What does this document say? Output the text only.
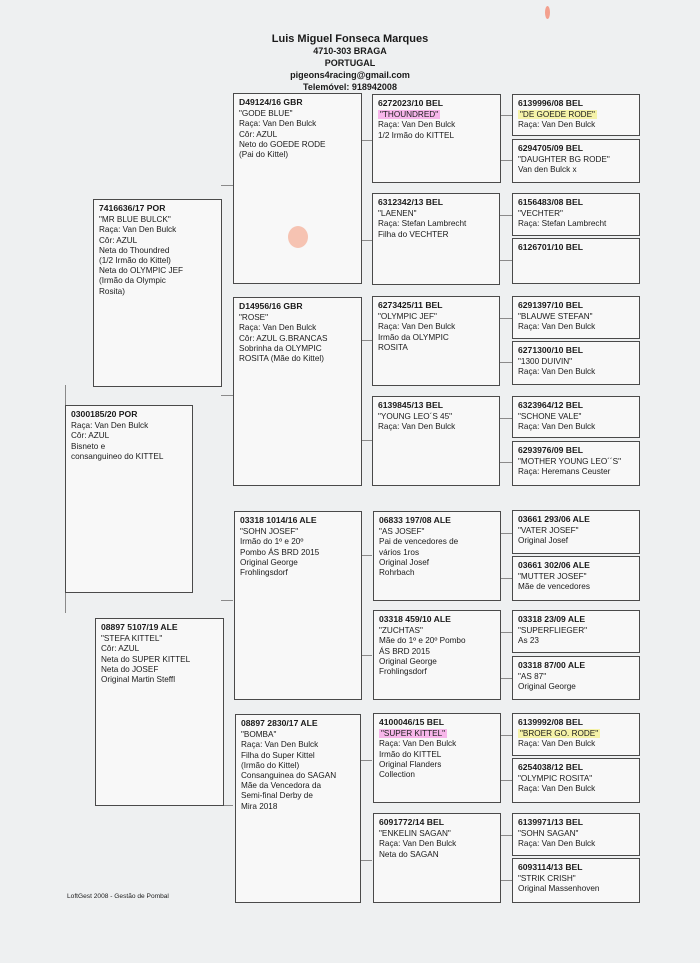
Luis Miguel Fonseca Marques
4710-303 BRAGA
PORTUGAL
pigeons4racing@gmail.com
Telemóvel: 918942008
0300185/20 POR
Raça: Van Den Bulck
Côr: AZUL
Bisneto e
consanguineo do KITTEL
7416636/17 POR
"MR BLUE BULCK"
Raça: Van Den Bulck
Côr: AZUL
Neta do Thoundred
(1/2 Irmão do Kittel)
Neta do OLYMPIC JEF
(Irmão da Olympic
Rosita)
08897 5107/19 ALE
"STEFA KITTEL"
Côr: AZUL
Neta do SUPER KITTEL
Neta do JOSEF
Original Martin Steffl
D49124/16 GBR
"GODE BLUE"
Raça: Van Den Bulck
Côr: AZUL
Neto do GOEDE RODE
(Pai do Kittel)
D14956/16 GBR
"ROSE"
Raça: Van Den Bulck
Côr: AZUL G.BRANCAS
Sobrinha da OLYMPIC
ROSITA (Mãe do Kittel)
03318 1014/16 ALE
"SOHN JOSEF"
Irmão do 1º e 20º
Pombo ÁS BRD 2015
Original George
Frohlingsdorf
08897 2830/17 ALE
"BOMBA"
Raça: Van Den Bulck
Filha do Super Kittel
(Irmão do Kittel)
Consanguinea do SAGAN
Mãe da Vencedora da
Semi-final Derby de
Mira 2018
6272023/10 BEL
"THOUNDRED"
Raça: Van Den Bulck
1/2 Irmão do KITTEL
6312342/13 BEL
"LAENEN"
Raça: Stefan Lambrecht
Filha do VECHTER
6273425/11 BEL
"OLYMPIC JEF"
Raça: Van Den Bulck
Irmão da OLYMPIC
ROSITA
6139845/13 BEL
"YOUNG LEO´S 45"
Raça: Van Den Bulck
06833 197/08 ALE
"AS JOSEF"
Pai de vencedores de
vários 1ros
Original Josef
Rohrbach
03318 459/10 ALE
"ZUCHTAS"
Mãe do 1º e 20º Pombo
ÁS BRD 2015
Original George
Frohlingsdorf
4100046/15 BEL
"SUPER KITTEL"
Raça: Van Den Bulck
Irmão do KITTEL
Original Flanders
Collection
6091772/14 BEL
"ENKELIN SAGAN"
Raça: Van Den Bulck
Neta do SAGAN
6139996/08 BEL
"DE GOEDE RODE"
Raça: Van Den Bulck
6294705/09 BEL
"DAUGHTER BG RODE"
Van den Bulck x
6156483/08 BEL
"VECHTER"
Raça: Stefan Lambrecht
6126701/10 BEL
6291397/10 BEL
"BLAUWE STEFAN"
Raça: Van Den Bulck
6271300/10 BEL
"1300 DUIVIN"
Raça: Van Den Bulck
6323964/12 BEL
"SCHONE VALE"
Raça: Van Den Bulck
6293976/09 BEL
"MOTHER YOUNG LEO´´S"
Raça: Heremans Ceuster
03661 293/06 ALE
"VATER JOSEF"
Original Josef
03661 302/06 ALE
"MUTTER JOSEF"
Mãe de vencedores
03318 23/09 ALE
"SUPERFLIEGER"
As 23
03318 87/00 ALE
"AS 87"
Original George
6139992/08 BEL
"BROER GO. RODE"
Raça: Van Den Bulck
6254038/12 BEL
"OLYMPIC ROSITA"
Raça: Van Den Bulck
6139971/13 BEL
"SOHN SAGAN"
Raça: Van Den Bulck
6093114/13 BEL
"STRIK CRISH"
Original Massenhoven
LoftGest 2008 - Gestão de Pombal
